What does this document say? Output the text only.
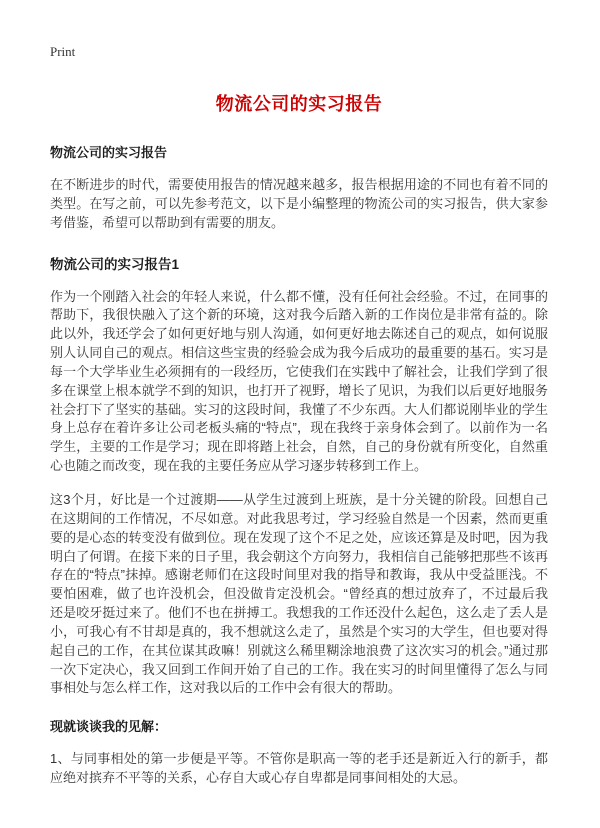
Print
物流公司的实习报告
物流公司的实习报告

在不断进步的时代，需要使用报告的情况越来越多，报告根据用途的不同也有着不同的类型。在写之前，可以先参考范文，以下是小编整理的物流公司的实习报告，供大家参考借鉴，希望可以帮助到有需要的朋友。

物流公司的实习报告1

作为一个刚踏入社会的年轻人来说，什么都不懂，没有任何社会经验。不过，在同事的帮助下，我很快融入了这个新的环境，这对我今后踏入新的工作岗位是非常有益的。除此以外，我还学会了如何更好地与别人沟通，如何更好地去陈述自己的观点，如何说服别人认同自己的观点。相信这些宝贵的经验会成为我今后成功的最重要的基石。实习是每一个大学毕业生必须拥有的一段经历，它使我们在实践中了解社会，让我们学到了很多在课堂上根本就学不到的知识，也打开了视野，增长了见识，为我们以后更好地服务社会打下了坚实的基础。实习的这段时间，我懂了不少东西。大人们都说刚毕业的学生身上总存在着许多让公司老板头痛的“特点”，现在我终于亲身体会到了。以前作为一名学生，主要的工作是学习；现在即将踏上社会，自然，自己的身份就有所变化，自然重心也随之而改变，现在我的主要任务应从学习逐步转移到工作上。

这3个月，好比是一个过渡期——从学生过渡到上班族，是十分关键的阶段。回想自己在这期间的工作情况，不尽如意。对此我思考过，学习经验自然是一个因素，然而更重要的是心态的转变没有做到位。现在发现了这个不足之处，应该还算是及时吧，因为我明白了何谓。在接下来的日子里，我会朝这个方向努力，我相信自己能够把那些不该再存在的“特点”抹掉。感谢老师们在这段时间里对我的指导和教诲，我从中受益匪浅。不要怕困难，做了也许没机会，但没做肯定没机会。“曾经真的想过放弃了，不过最后我还是咬牙挺过来了。他们不也在拼搏工。我想我的工作还没什么起色，这么走了丢人是小，可我心有不甘却是真的，我不想就这么走了，虽然是个实习的大学生，但也要对得起自己的工作，在其位谋其政嘛！别就这么稀里糊涂地浪费了这次实习的机会。”通过那一次下定决心，我又回到工作间开始了自己的工作。我在实习的时间里懂得了怎么与同事相处与怎么样工作，这对我以后的工作中会有很大的帮助。

现就谈谈我的见解：

1、与同事相处的第一步便是平等。不管你是职高一等的老手还是新近入行的新手，都应绝对摈弃不平等的关系，心存自大或心存自卑都是同事间相处的大忌。
